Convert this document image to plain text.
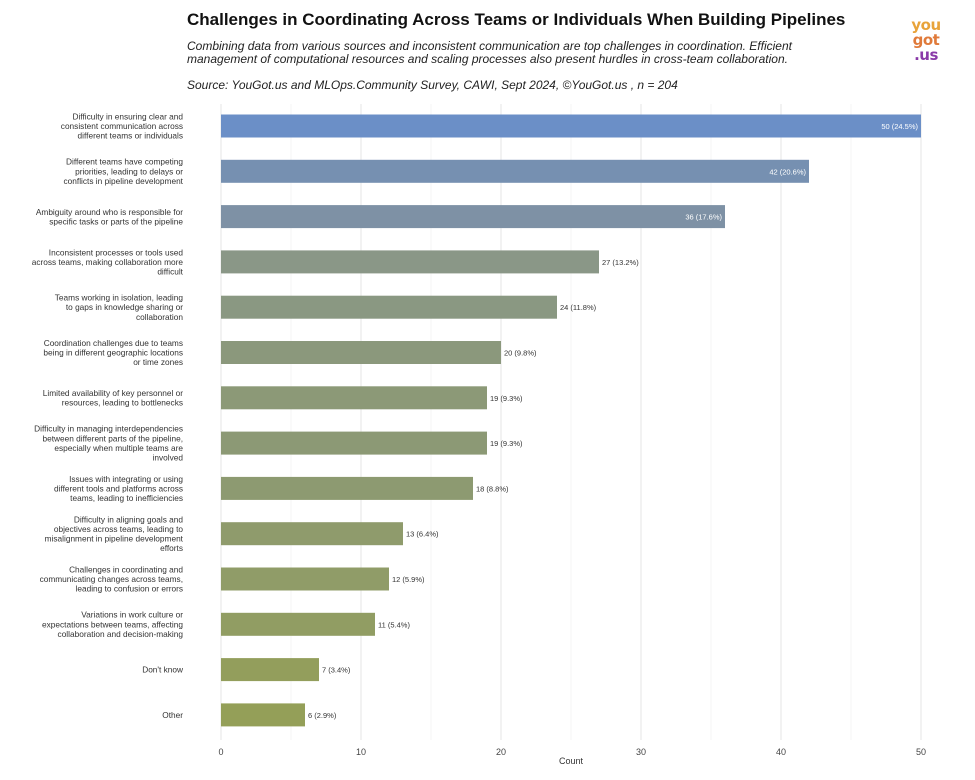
Challenges in Coordinating Across Teams or Individuals When Building Pipelines
Combining data from various sources and inconsistent communication are top challenges in coordination. Efficient management of computational resources and scaling processes also present hurdles in cross-team collaboration.
Source: YouGot.us and MLOps.Community Survey, CAWI, Sept 2024, ©YouGot.us , n = 204
you
got
.us
50 (24.5%)
42 (20.6%)
36 (17.6%)
27 (13.2%)
24 (11.8%)
20 (9.8%)
19 (9.3%)
19 (9.3%)
18 (8.8%)
13 (6.4%)
12 (5.9%)
11 (5.4%)
7 (3.4%)
6 (2.9%)
Difficulty in ensuring clear and consistent communication across different teams or individuals
Different teams have competing priorities, leading to delays or conflicts in pipeline development
Ambiguity around who is responsible for specific tasks or parts of the pipeline
Inconsistent processes or tools used across teams, making collaboration more difficult
Teams working in isolation, leading to gaps in knowledge sharing or collaboration
Coordination challenges due to teams being in different geographic locations or time zones
Limited availability of key personnel or resources, leading to bottlenecks
Difficulty in managing interdependencies between different parts of the pipeline, especially when multiple teams are involved
Issues with integrating or using different tools and platforms across teams, leading to inefficiencies
Difficulty in aligning goals and objectives across teams, leading to misalignment in pipeline development efforts
Challenges in coordinating and communicating changes across teams, leading to confusion or errors
Variations in work culture or expectations between teams, affecting collaboration and decision-making
Don't know
Other
Count
0	10	20	30	40	50
